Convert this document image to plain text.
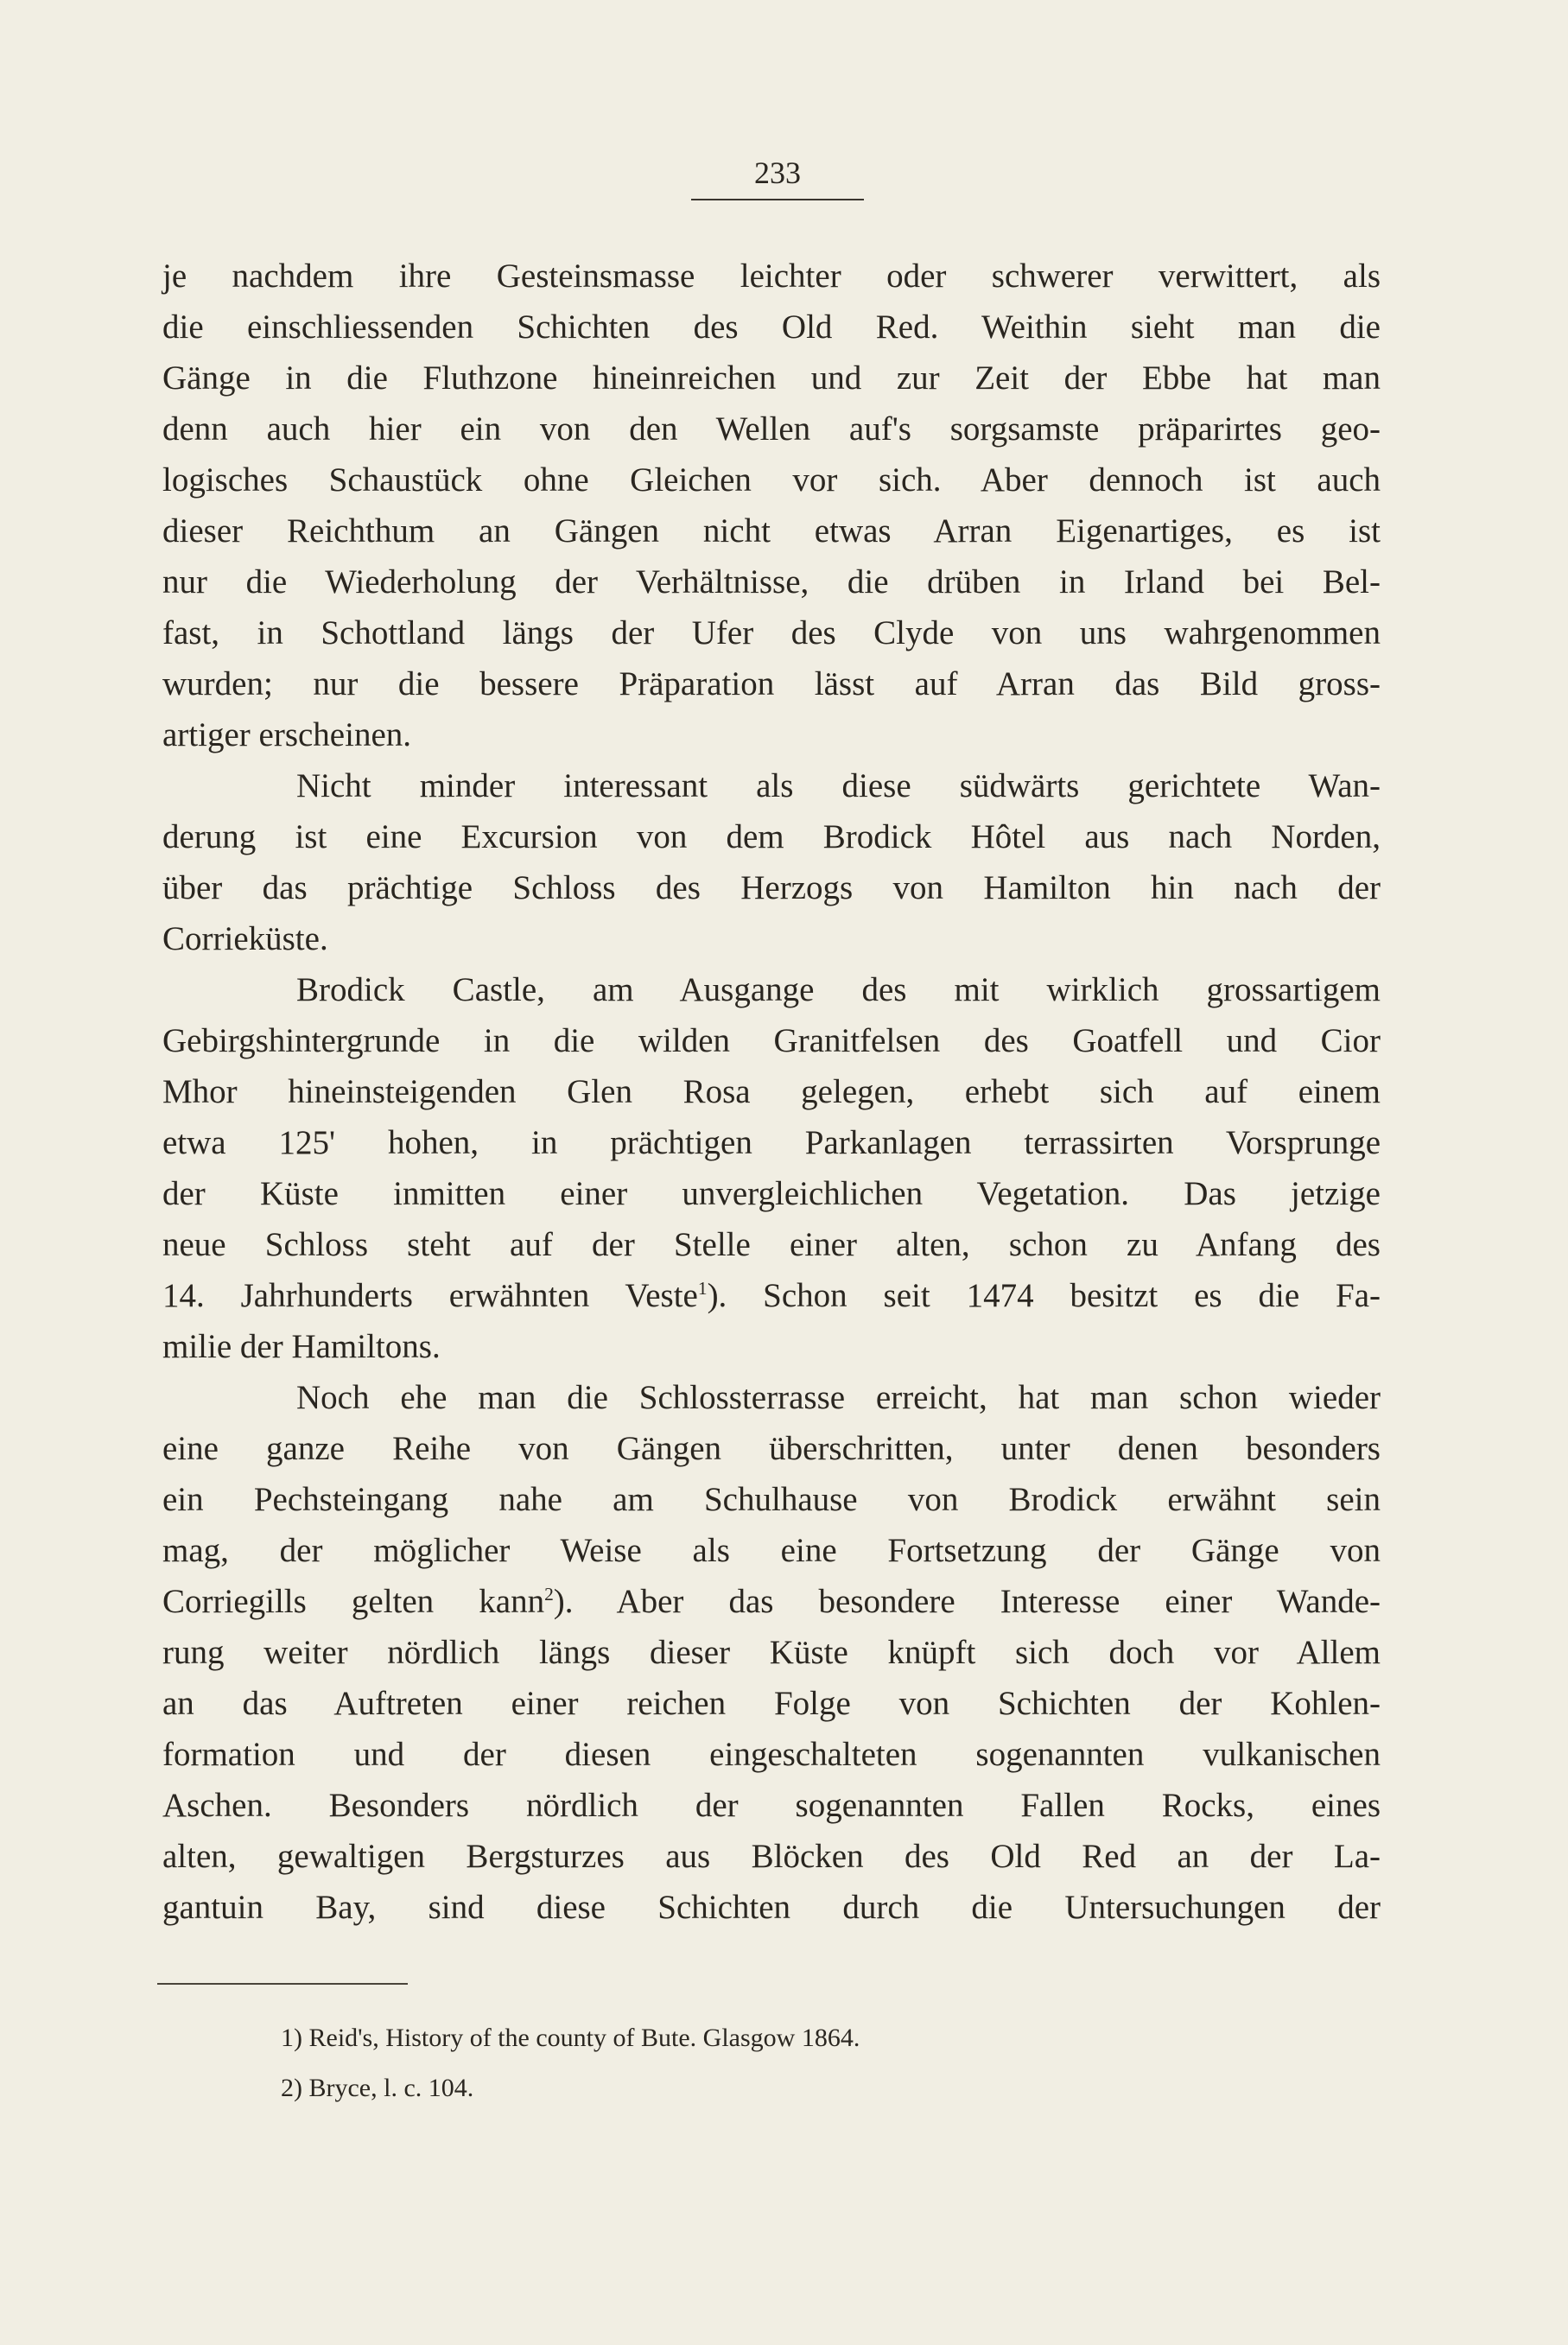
233
je nachdem ihre Gesteinsmasse leichter oder schwerer verwittert, als
die einschliessenden Schichten des Old Red. Weithin sieht man die
Gänge in die Fluthzone hineinreichen und zur Zeit der Ebbe hat man
denn auch hier ein von den Wellen auf's sorgsamste präparirtes geo-
logisches Schaustück ohne Gleichen vor sich. Aber dennoch ist auch
dieser Reichthum an Gängen nicht etwas Arran Eigenartiges, es ist
nur die Wiederholung der Verhältnisse, die drüben in Irland bei Bel-
fast, in Schottland längs der Ufer des Clyde von uns wahrgenommen
wurden; nur die bessere Präparation lässt auf Arran das Bild gross-
artiger erscheinen.
Nicht minder interessant als diese südwärts gerichtete Wan-
derung ist eine Excursion von dem Brodick Hôtel aus nach Norden,
über das prächtige Schloss des Herzogs von Hamilton hin nach der
Corrieküste.
Brodick Castle, am Ausgange des mit wirklich grossartigem
Gebirgshintergrunde in die wilden Granitfelsen des Goatfell und Cior
Mhor hineinsteigenden Glen Rosa gelegen, erhebt sich auf einem
etwa 125' hohen, in prächtigen Parkanlagen terrassirten Vorsprunge
der Küste inmitten einer unvergleichlichen Vegetation. Das jetzige
neue Schloss steht auf der Stelle einer alten, schon zu Anfang des
14. Jahrhunderts erwähnten Veste$^1$). Schon seit 1474 besitzt es die Fa-
milie der Hamiltons.
Noch ehe man die Schlossterrasse erreicht, hat man schon wieder
eine ganze Reihe von Gängen überschritten, unter denen besonders
ein Pechsteingang nahe am Schulhause von Brodick erwähnt sein
mag, der möglicher Weise als eine Fortsetzung der Gänge von
Corriegills gelten kann$^2$). Aber das besondere Interesse einer Wande-
rung weiter nördlich längs dieser Küste knüpft sich doch vor Allem
an das Auftreten einer reichen Folge von Schichten der Kohlen-
formation und der diesen eingeschalteten sogenannten vulkanischen
Aschen. Besonders nördlich der sogenannten Fallen Rocks, eines
alten, gewaltigen Bergsturzes aus Blöcken des Old Red an der La-
gantuin Bay, sind diese Schichten durch die Untersuchungen der
1) Reid's, History of the county of Bute. Glasgow 1864.
2) Bryce, l. c. 104.
